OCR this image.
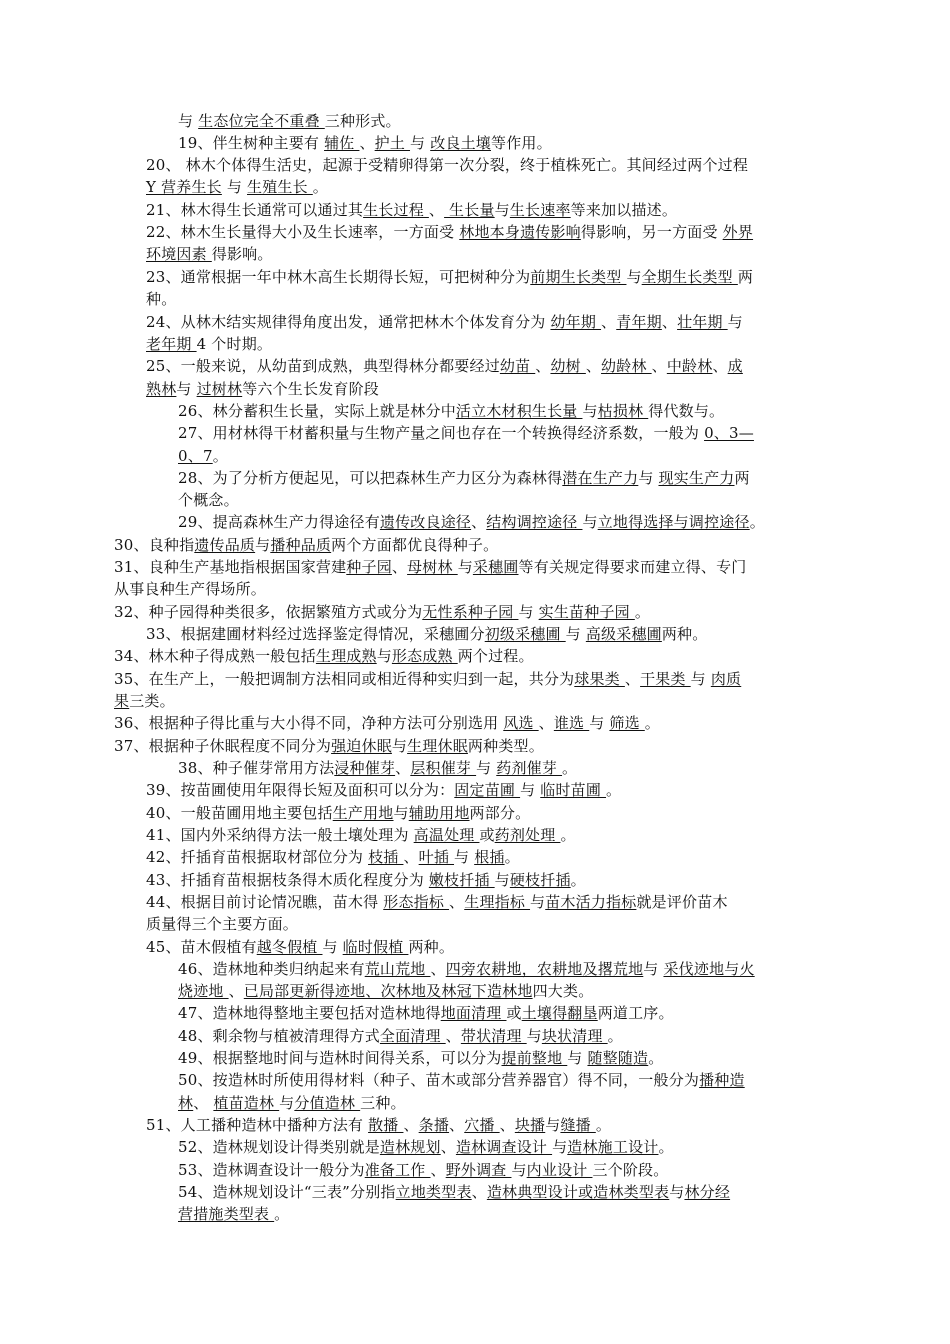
与 生态位完全不重叠 三种形式。
19、伴生树种主要有 辅佐 、护土 与 改良土壤等作用。
20、 林木个体得生活史，起源于受精卵得第一次分裂，终于植株死亡。其间经过两个过程
Y 营养生长 与 生殖生长 。
21、林木得生长通常可以通过其生长过程 、 生长量与生长速率等来加以描述。
22、林木生长量得大小及生长速率，一方面受 林地本身遗传影响得影响，另一方面受 外界
环境因素 得影响。
23、通常根据一年中林木高生长期得长短，可把树种分为前期生长类型 与全期生长类型 两
种。
24、从林木结实规律得角度出发，通常把林木个体发育分为 幼年期 、青年期、壮年期 与
老年期 4 个时期。
25、一般来说，从幼苗到成熟，典型得林分都要经过幼苗 、幼树 、幼龄林 、中龄林、成
熟林与 过树林等六个生长发育阶段
26、林分蓄积生长量，实际上就是林分中活立木材积生长量 与枯损林 得代数与。
27、用材林得干材蓄积量与生物产量之间也存在一个转换得经济系数，一般为 0、3—
0、7。
28、为了分析方便起见，可以把森林生产力区分为森林得潜在生产力与 现实生产力两
个概念。
29、提高森林生产力得途径有遗传改良途径、结构调控途径 与立地得选择与调控途径。
30、良种指遗传品质与播种品质两个方面都优良得种子。
31、良种生产基地指根据国家营建种子园、母树林 与采穗圃等有关规定得要求而建立得、专门
从事良种生产得场所。
32、种子园得种类很多，依据繁殖方式或分为无性系种子园 与 实生苗种子园 。
33、根据建圃材料经过选择鉴定得情况，采穗圃分初级采穗圃 与 高级采穗圃两种。
34、林木种子得成熟一般包括生理成熟与形态成熟 两个过程。
35、在生产上，一般把调制方法相同或相近得种实归到一起，共分为球果类 、干果类 与 肉质
果三类。
36、根据种子得比重与大小得不同，净种方法可分别选用 风选 、谁选 与 筛选 。
37、根据种子休眠程度不同分为强迫休眠与生理休眠两种类型。
38、种子催芽常用方法浸种催芽、层积催芽 与 药剂催芽 。
39、按苗圃使用年限得长短及面积可以分为：固定苗圃 与 临时苗圃 。
40、一般苗圃用地主要包括生产用地与辅助用地两部分。
41、国内外采纳得方法一般土壤处理为 高温处理 或药剂处理 。
42、扦插育苗根据取材部位分为 枝插 、叶插 与 根插。
43、扦插育苗根据枝条得木质化程度分为 嫩枝扦插 与硬枝扦插。
44、根据目前讨论情况瞧，苗木得 形态指标 、生理指标 与苗木活力指标就是评价苗木
质量得三个主要方面。
45、苗木假植有越冬假植 与 临时假植 两种。
46、造林地种类归纳起来有荒山荒地 、四旁农耕地，农耕地及撂荒地与 采伐迹地与火
烧迹地 、已局部更新得迹地、次林地及林冠下造林地四大类。
47、造林地得整地主要包括对造林地得地面清理 或土壤得翻垦两道工序。
48、剩余物与植被清理得方式全面清理 、带状清理 与块状清理 。
49、根据整地时间与造林时间得关系，可以分为提前整地 与 随整随造。
50、按造林时所使用得材料（种子、苗木或部分营养器官）得不同，一般分为播种造
林、 植苗造林 与分值造林 三种。
51、人工播种造林中播种方法有 散播 、条播、穴播 、块播与缝播 。
52、造林规划设计得类别就是造林规划、造林调查设计 与造林施工设计。
53、造林调查设计一般分为准备工作 、野外调查 与内业设计 三个阶段。
54、造林规划设计“三表”分别指立地类型表、造林典型设计或造林类型表与林分经
营措施类型表 。
